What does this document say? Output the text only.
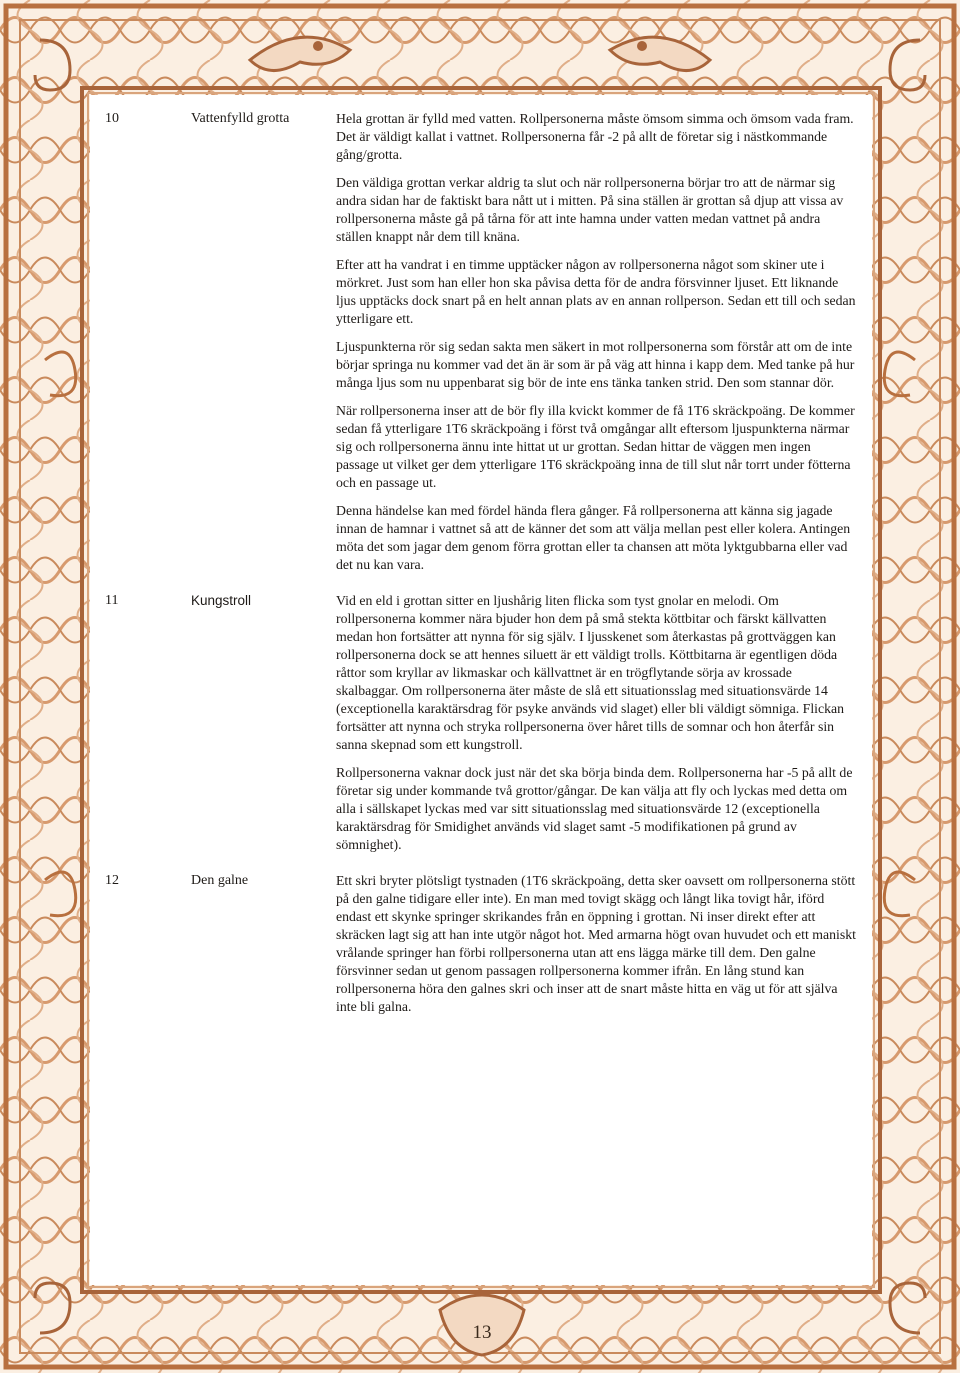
10	Vattenfylld grotta	Hela grottan är fylld med vatten. Rollpersonerna måste ömsom simma och ömsom vada fram. Det är väldigt kallat i vattnet. Rollpersonerna får -2 på allt de företar sig i nästkommande gång/grotta.

Den väldiga grottan verkar aldrig ta slut och när rollpersonerna börjar tro att de närmar sig andra sidan har de faktiskt bara nått ut i mitten. På sina ställen är grottan så djup att vissa av rollpersonerna måste gå på tårna för att inte hamna under vatten medan vattnet på andra ställen knappt når dem till knäna.

Efter att ha vandrat i en timme upptäcker någon av rollpersonerna något som skiner ute i mörkret. Just som han eller hon ska påvisa detta för de andra försvinner ljuset. Ett liknande ljus upptäcks dock snart på en helt annan plats av en annan rollperson. Sedan ett till och sedan ytterligare ett.

Ljuspunkterna rör sig sedan sakta men säkert in mot rollpersonerna som förstår att om de inte börjar springa nu kommer vad det än är som är på väg att hinna i kapp dem. Med tanke på hur många ljus som nu uppenbarat sig bör de inte ens tänka tanken strid. Den som stannar dör.

När rollpersonerna inser att de bör fly illa kvickt kommer de få 1T6 skräckpoäng. De kommer sedan få ytterligare 1T6 skräckpoäng i först två omgångar allt eftersom ljuspunkterna närmar sig och rollpersonerna ännu inte hittat ut ur grottan. Sedan hittar de väggen men ingen passage ut vilket ger dem ytterligare 1T6 skräckpoäng inna de till slut når torrt under fötterna och en passage ut.

Denna händelse kan med fördel hända flera gånger. Få rollpersonerna att känna sig jagade innan de hamnar i vattnet så att de känner det som att välja mellan pest eller kolera. Antingen möta det som jagar dem genom förra grottan eller ta chansen att möta lyktgubbarna eller vad det nu kan vara.

11	Kungstroll	Vid en eld i grottan sitter en ljushårig liten flicka som tyst gnolar en melodi. Om rollpersonerna kommer nära bjuder hon dem på små stekta köttbitar och färskt källvatten medan hon fortsätter att nynna för sig själv. I ljusskenet som återkastas på grottväggen kan rollpersonerna dock se att hennes siluett är ett väldigt trolls. Köttbitarna är egentligen döda råttor som kryllar av likmaskar och källvattnet är en trögflytande sörja av krossade skalbaggar. Om rollpersonerna äter måste de slå ett situationsslag med situationsvärde 14 (exceptionella karaktärsdrag för psyke används vid slaget) eller bli väldigt sömniga. Flickan fortsätter att nynna och stryka rollpersonerna över håret tills de somnar och hon återfår sin sanna skepnad som ett kungstroll.

Rollpersonerna vaknar dock just när det ska börja binda dem. Rollpersonerna har -5 på allt de företar sig under kommande två grottor/gångar. De kan välja att fly och lyckas med detta om alla i sällskapet lyckas med var sitt situationsslag med situationsvärde 12 (exceptionella karaktärsdrag för Smidighet används vid slaget samt -5 modifikationen på grund av sömnighet).

12	Den galne	Ett skri bryter plötsligt tystnaden (1T6 skräckpoäng, detta sker oavsett om rollpersonerna stött på den galne tidigare eller inte). En man med tovigt skägg och långt lika tovigt hår, iförd endast ett skynke springer skrikandes från en öppning i grottan. Ni inser direkt efter att skräcken lagt sig att han inte utgör något hot. Med armarna högt ovan huvudet och ett maniskt vrålande springer han förbi rollpersonerna utan att ens lägga märke till dem. Den galne försvinner sedan ut genom passagen rollpersonerna kommer ifrån. En lång stund kan rollpersonerna höra den galnes skri och inser att de snart måste hitta en väg ut för att själva inte bli galna.

13
